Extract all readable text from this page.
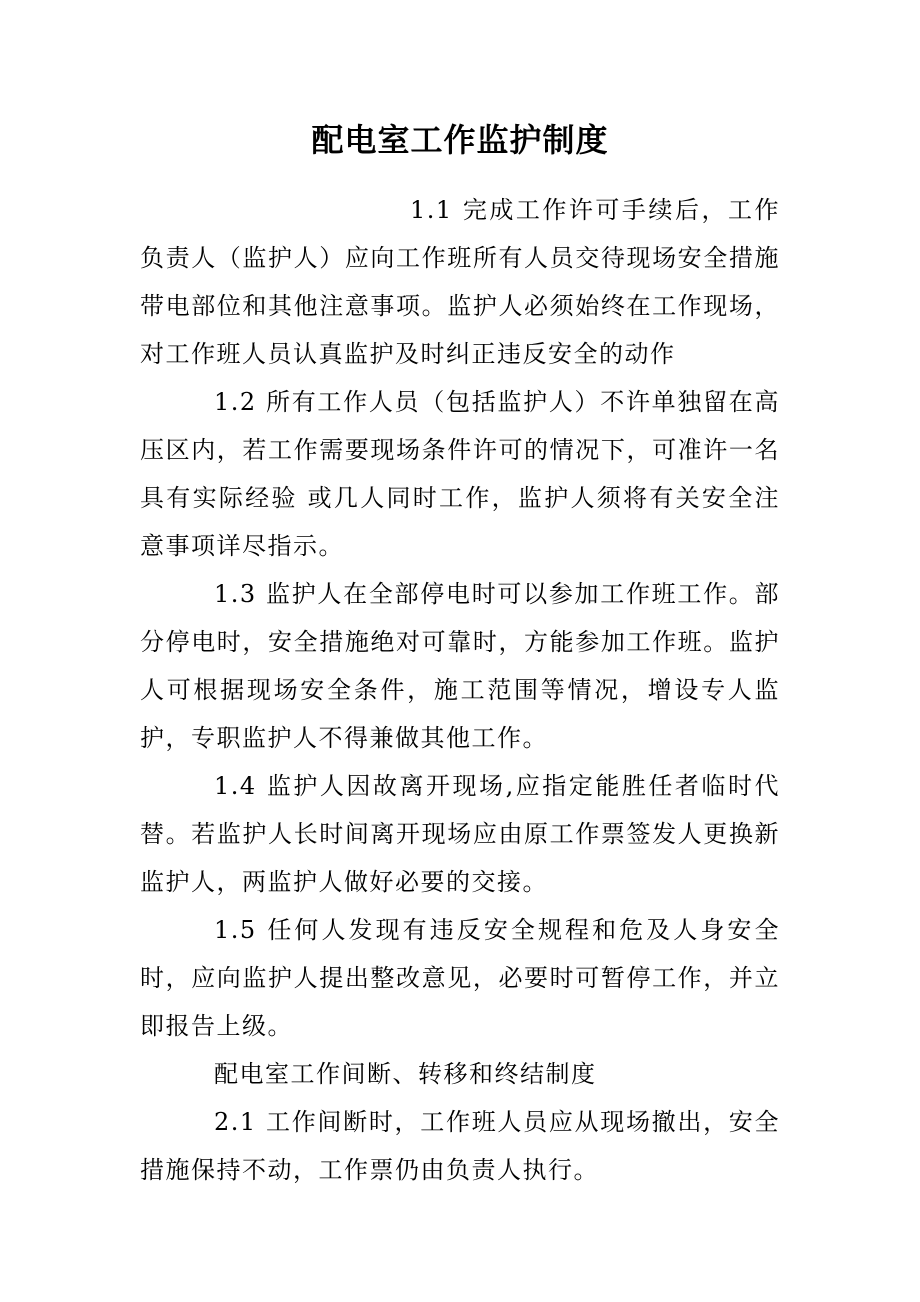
配电室工作监护制度

1.1 完成工作许可手续后，工作负责人（监护人）应向工作班所有人员交待现场安全措施带电部位和其他注意事项。监护人必须始终在工作现场，对工作班人员认真监护及时纠正违反安全的动作

1.2 所有工作人员（包括监护人）不许单独留在高压区内，若工作需要现场条件许可的情况下，可准许一名具有实际经验 或几人同时工作，监护人须将有关安全注意事项详尽指示。

1.3 监护人在全部停电时可以参加工作班工作。部分停电时，安全措施绝对可靠时，方能参加工作班。监护人可根据现场安全条件，施工范围等情况，增设专人监护，专职监护人不得兼做其他工作。

1.4 监护人因故离开现场,应指定能胜任者临时代替。若监护人长时间离开现场应由原工作票签发人更换新监护人，两监护人做好必要的交接。

1.5 任何人发现有违反安全规程和危及人身安全时，应向监护人提出整改意见，必要时可暂停工作，并立即报告上级。

配电室工作间断、转移和终结制度

2.1 工作间断时，工作班人员应从现场撤出，安全措施保持不动，工作票仍由负责人执行。
